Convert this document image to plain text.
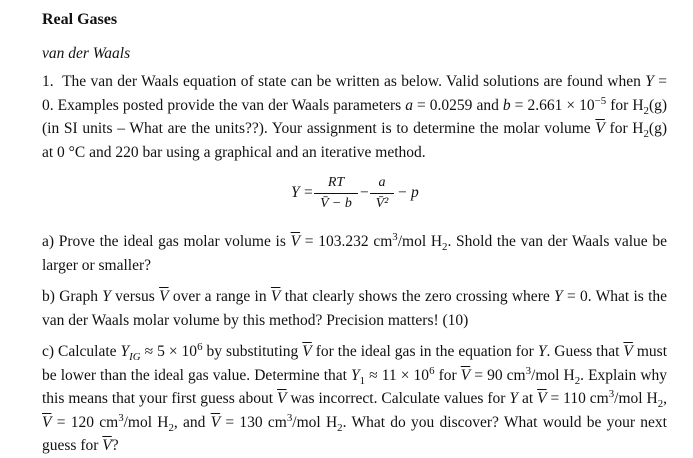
Real Gases

van der Waals

1. The van der Waals equation of state can be written as below. Valid solutions are found when Y = 0. Examples posted provide the van der Waals parameters a = 0.0259 and $b = 2.661 \times 10^{-5}$ for $H_2(g)$ (in SI units – What are the units??). Your assignment is to determine the molar volume $\overline{V}$ for $H_2(g)$ at 0 °C and 220 bar using a graphical and an iterative method.

Y =
RT
V̄ − b
−
a
V̄²
− p

a) Prove the ideal gas molar volume is $\overline{V} = 103.232$ $cm^3$/mol $H_2$. Shold the van der Waals value be larger or smaller?

b) Graph Y versus $\overline{V}$ over a range in $\overline{V}$ that clearly shows the zero crossing where Y = 0. What is the van der Waals molar volume by this method? Precision matters! (10)

c) Calculate $Y_{IG} \approx 5 \times 10^6$ by substituting $\overline{V}$ for the ideal gas in the equation for Y. Guess that $\overline{V}$ must be lower than the ideal gas value. Determine that $Y_1 \approx 11 \times 10^6$ for $\overline{V} = 90$ $cm^3$/mol $H_2$. Explain why this means that your first guess about $\overline{V}$ was incorrect. Calculate values for Y at $\overline{V} = 110$ $cm^3$/mol $H_2$, $\overline{V} = 120$ $cm^3$/mol $H_2$, and $\overline{V} = 130$ $cm^3$/mol $H_2$. What do you discover? What would be your next guess for $\overline{V}$?
